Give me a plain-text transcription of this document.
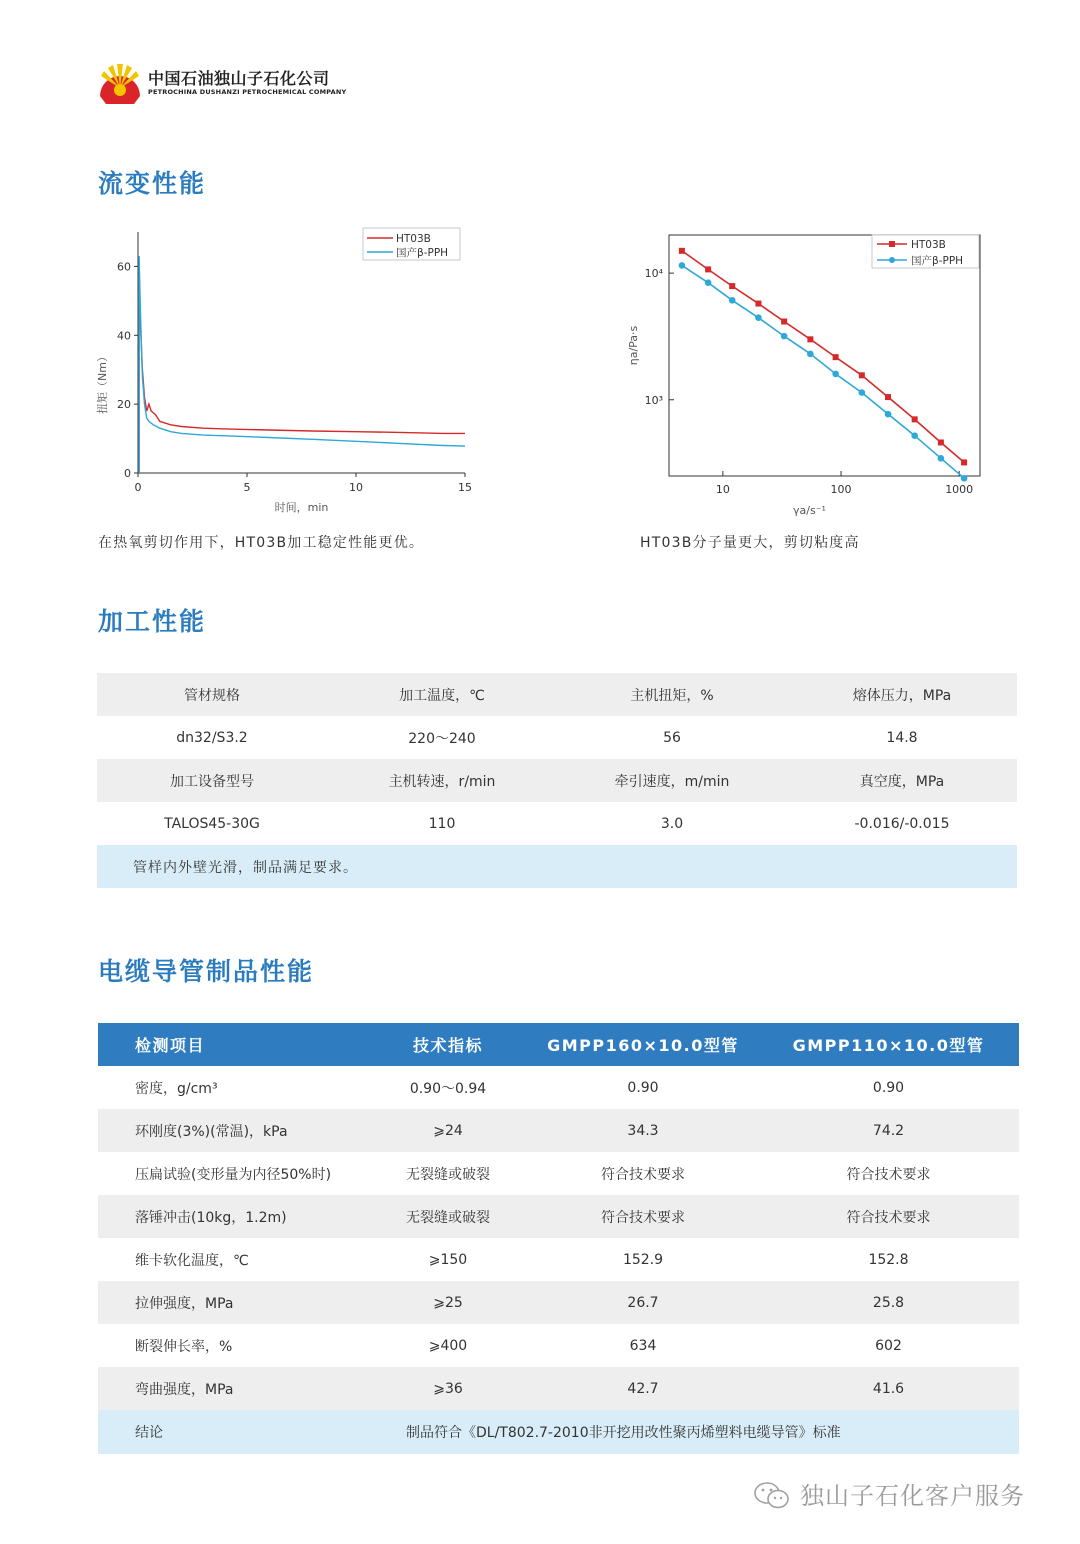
中国石油独山子石化公司
PETROCHINA DUSHANZI PETROCHEMICAL COMPANY
流变性能
0	5	10	15
0
20
40
60
时间，min
扭矩（Nm）
HT03B
国产β-PPH
10	100	1000
10³
10⁴
γa/s⁻¹
ηa/Pa·s
HT03B
国产β-PPH
在热氧剪切作用下，HT03B加工稳定性能更优。	HT03B分子量更大，剪切粘度高
加工性能
管材规格	加工温度，℃	主机扭矩，%	熔体压力，MPa
dn32/S3.2	220～240	56	14.8
加工设备型号	主机转速，r/min	牵引速度，m/min	真空度，MPa
TALOS45-30G	110	3.0	-0.016/-0.015
管样内外壁光滑，制品满足要求。
电缆导管制品性能
检测项目	技术指标	GMPP160×10.0型管	GMPP110×10.0型管
密度，g/cm³	0.90～0.94	0.90	0.90
环刚度(3%)(常温)，kPa	⩾24	34.3	74.2
压扁试验(变形量为内径50%时)	无裂缝或破裂	符合技术要求	符合技术要求
落锤冲击(10kg，1.2m)	无裂缝或破裂	符合技术要求	符合技术要求
维卡软化温度，℃	⩾150	152.9	152.8
拉伸强度，MPa	⩾25	26.7	25.8
断裂伸长率，%	⩾400	634	602
弯曲强度，MPa	⩾36	42.7	41.6
结论	制品符合《DL/T802.7-2010非开挖用改性聚丙烯塑料电缆导管》标准
独山子石化客户服务
